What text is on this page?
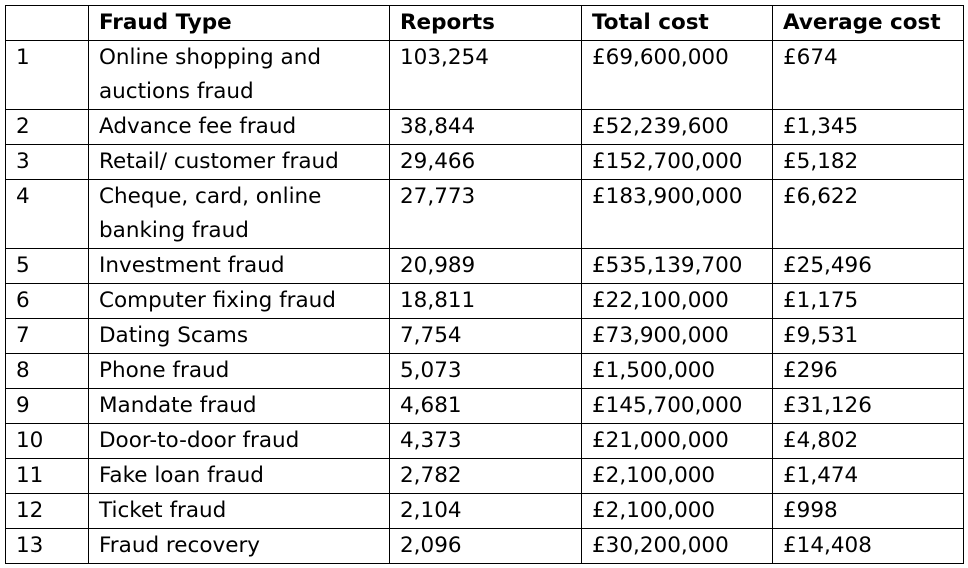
	Fraud Type	Reports	Total cost	Average cost
1	Online shopping and auctions fraud	103,254	£69,600,000	£674
2	Advance fee fraud	38,844	£52,239,600	£1,345
3	Retail/ customer fraud	29,466	£152,700,000	£5,182
4	Cheque, card, online banking fraud	27,773	£183,900,000	£6,622
5	Investment fraud	20,989	£535,139,700	£25,496
6	Computer fixing fraud	18,811	£22,100,000	£1,175
7	Dating Scams	7,754	£73,900,000	£9,531
8	Phone fraud	5,073	£1,500,000	£296
9	Mandate fraud	4,681	£145,700,000	£31,126
10	Door-to-door fraud	4,373	£21,000,000	£4,802
11	Fake loan fraud	2,782	£2,100,000	£1,474
12	Ticket fraud	2,104	£2,100,000	£998
13	Fraud recovery	2,096	£30,200,000	£14,408
